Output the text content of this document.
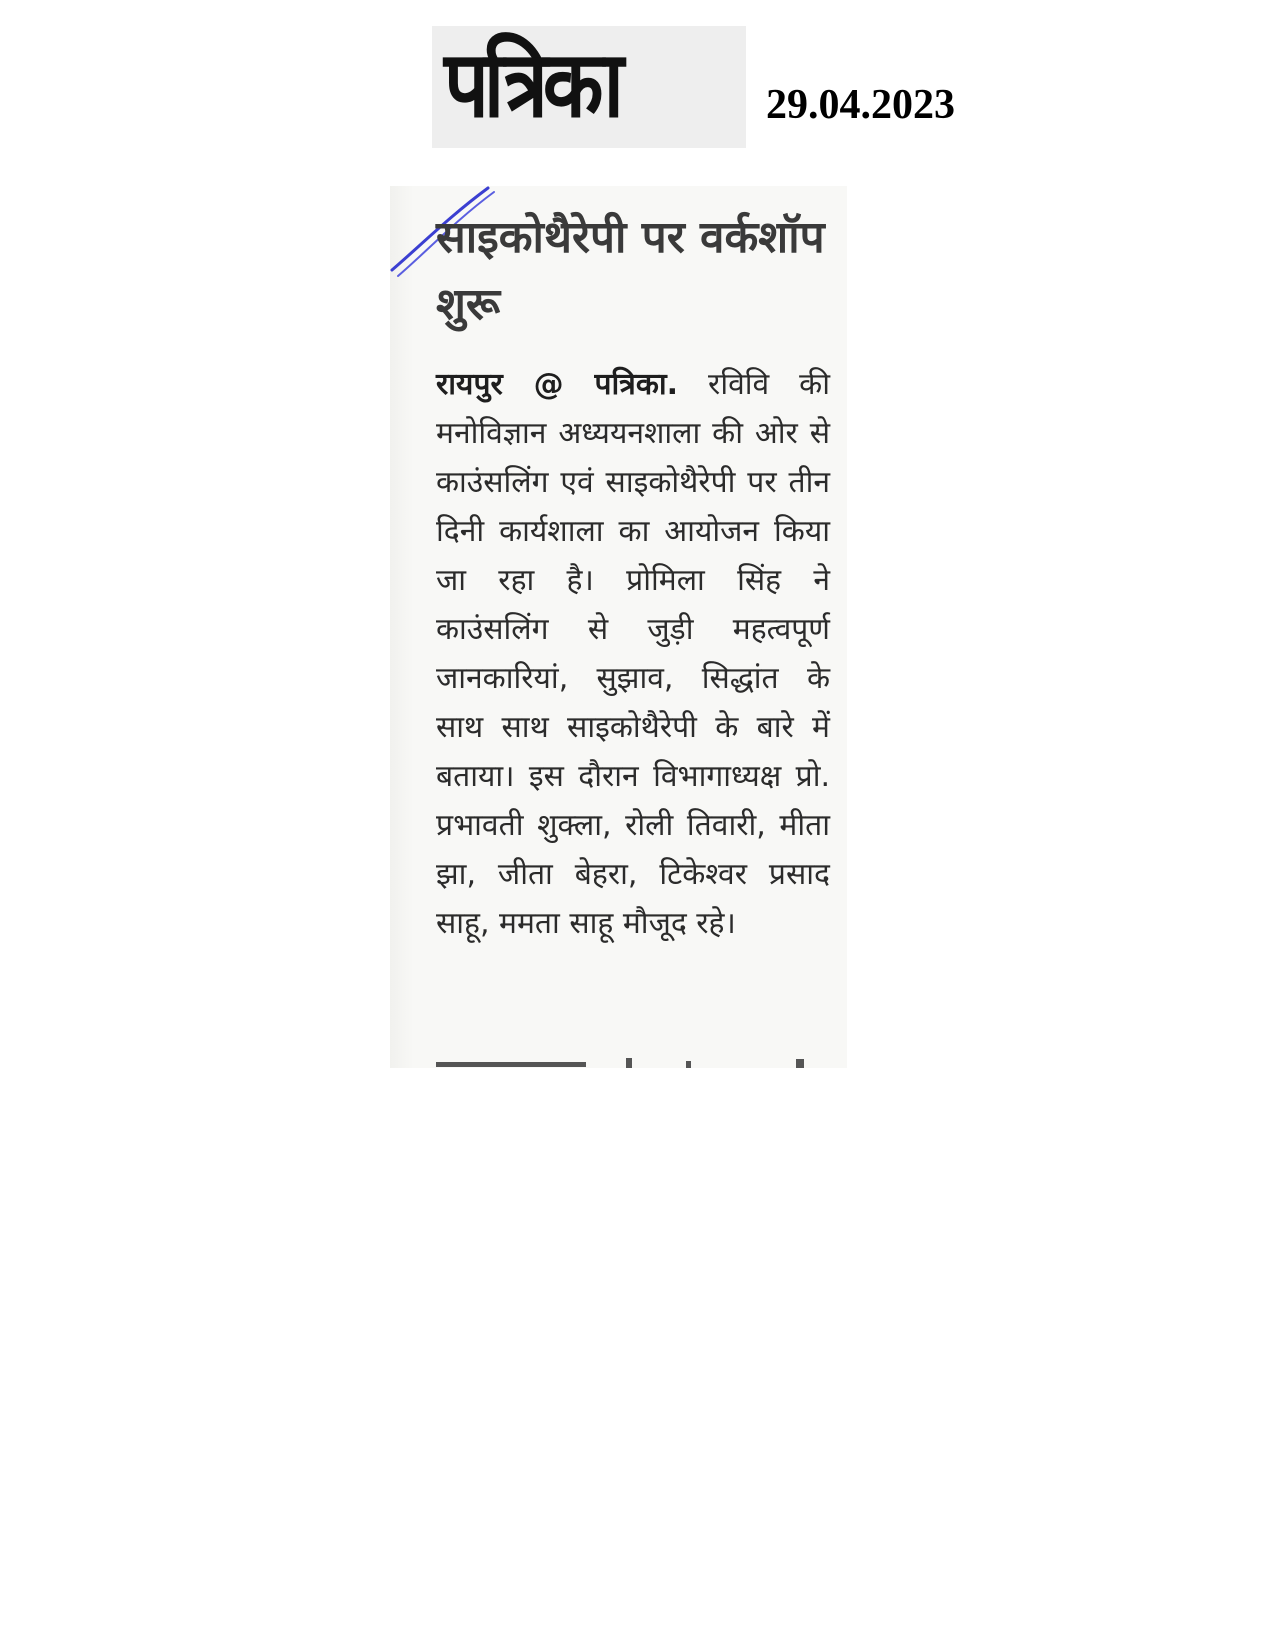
पत्रिका	29.04.2023
साइकोथैरेपी पर वर्कशॉप शुरू

रायपुर @ पत्रिका. रविवि की मनोविज्ञान अध्ययनशाला की ओर से काउंसलिंग एवं साइकोथैरेपी पर तीन दिनी कार्यशाला का आयोजन किया जा रहा है। प्रोमिला सिंह ने काउंसलिंग से जुड़ी महत्वपूर्ण जानकारियां, सुझाव, सिद्धांत के साथ साथ साइकोथैरेपी के बारे में बताया। इस दौरान विभागाध्यक्ष प्रो. प्रभावती शुक्ला, रोली तिवारी, मीता झा, जीता बेहरा, टिकेश्वर प्रसाद साहू, ममता साहू मौजूद रहे।
